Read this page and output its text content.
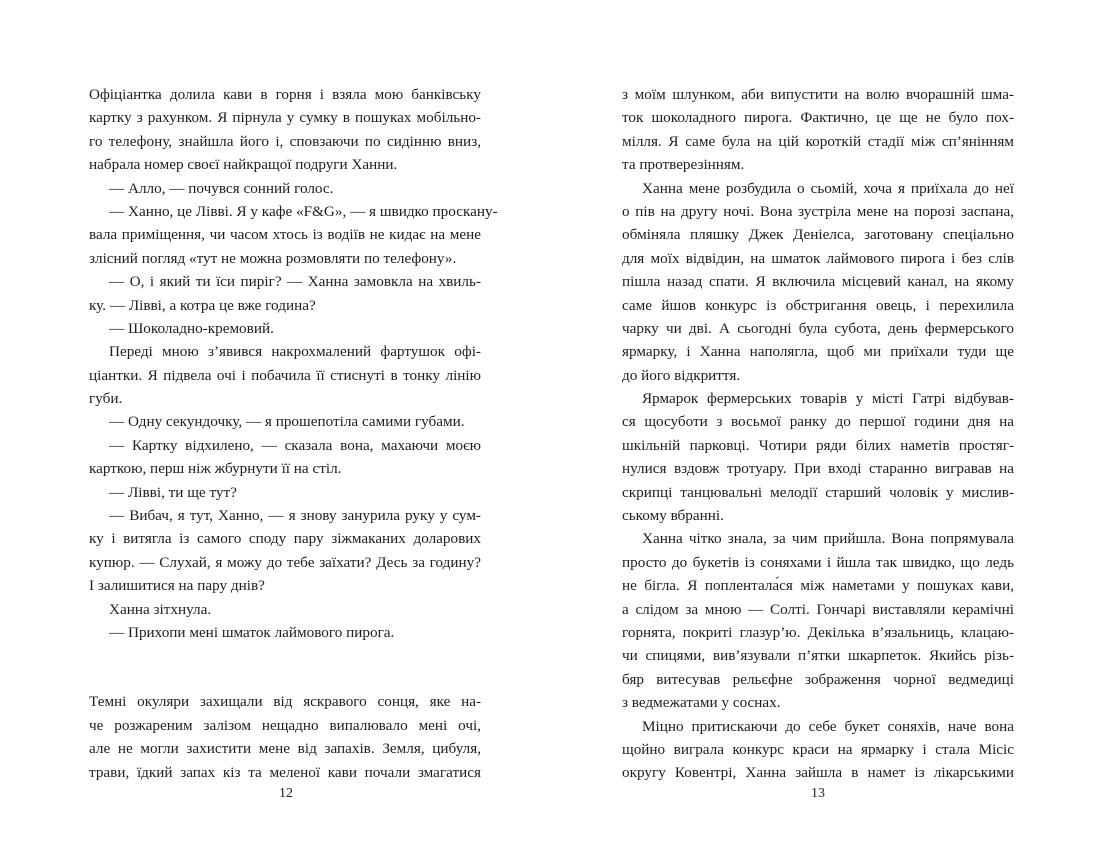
Офіціантка долила кави в горня і взяла мою банківську
картку з рахунком. Я пірнула у сумку в пошуках мобільно-
го телефону, знайшла його і, сповзаючи по сидінню вниз,
набрала номер своєї найкращої подруги Ханни.
— Алло, — почувся сонний голос.
— Ханно, це Ліввi. Я у кафе «F&G», — я швидко проскану-
вала приміщення, чи часом хтось із водіїв не кидає на мене
злісний погляд «тут не можна розмовляти по телефону».
— О, і який ти їси пиріг? — Ханна замовкла на хвиль-
ку. — Ліввi, а котра це вже година?
— Шоколадно-кремовий.
Переді мною з’явився накрохмалений фартушок офі-
ціантки. Я підвела очі і побачила її стиснуті в тонку лінію
губи.
— Одну секундочку, — я прошепотіла самими губами.
— Картку відхилено, — сказала вона, махаючи моєю
карткою, перш ніж жбурнути її на стіл.
— Ліввi, ти ще тут?
— Вибач, я тут, Ханно, — я знову занурила руку у сум-
ку і витягла із самого споду пару зіжмаканих доларових
купюр. — Слухай, я можу до тебе заїхати? Десь за годину?
І залишитися на пару днів?
Ханна зітхнула.
— Прихопи мені шматок лаймового пирога.
Темні окуляри захищали від яскравого сонця, яке на-
че розжареним залізом нещадно випалювало мені очі,
але не могли захистити мене від запахів. Земля, цибуля,
трави, їдкий запах кіз та меленої кави почали змагатися
з моїм шлунком, аби випустити на волю вчорашній шма-
ток шоколадного пирога. Фактично, це ще не було пох-
мілля. Я саме була на цій короткій стадії між сп’янінням
та протверезінням.
Ханна мене розбудила о сьомій, хоча я приїхала до неї
о пів на другу ночі. Вона зустріла мене на порозі заспана,
обміняла пляшку Джек Деніелса, заготовану спеціально
для моїх відвідин, на шматок лаймового пирога і без слів
пішла назад спати. Я включила місцевий канал, на якому
саме йшов конкурс із обстригання овець, і перехилила
чарку чи дві. А сьогодні була субота, день фермерського
ярмарку, і Ханна наполягла, щоб ми приїхали туди ще
до його відкриття.
Ярмарок фермерських товарів у місті Гатрі відбував-
ся щосуботи з восьмої ранку до першої години дня на
шкільній парковці. Чотири ряди білих наметів простяг-
нулися вздовж тротуару. При вході старанно вигравав на
скрипці танцювальні мелодії старший чоловік у мислив-
ському вбранні.
Ханна чітко знала, за чим прийшла. Вона попрямувала
просто до букетів із соняхами і йшла так швидко, що ледь
не бігла. Я поплентала́ся між наметами у пошуках кави,
а слідом за мною — Солті. Гончарі виставляли керамічні
горнята, покриті глазур’ю. Декілька в’язальниць, клацаю-
чи спицями, вив’язували п’ятки шкарпеток. Якийсь різь-
бяр витесував рельєфне зображення чорної ведмедиці
з ведмежатами у соснах.
Міцно притискаючи до себе букет соняхів, наче вона
щойно виграла конкурс краси на ярмарку і стала Місіс
округу Ковентрі, Ханна зайшла в намет із лікарськими
12	13
